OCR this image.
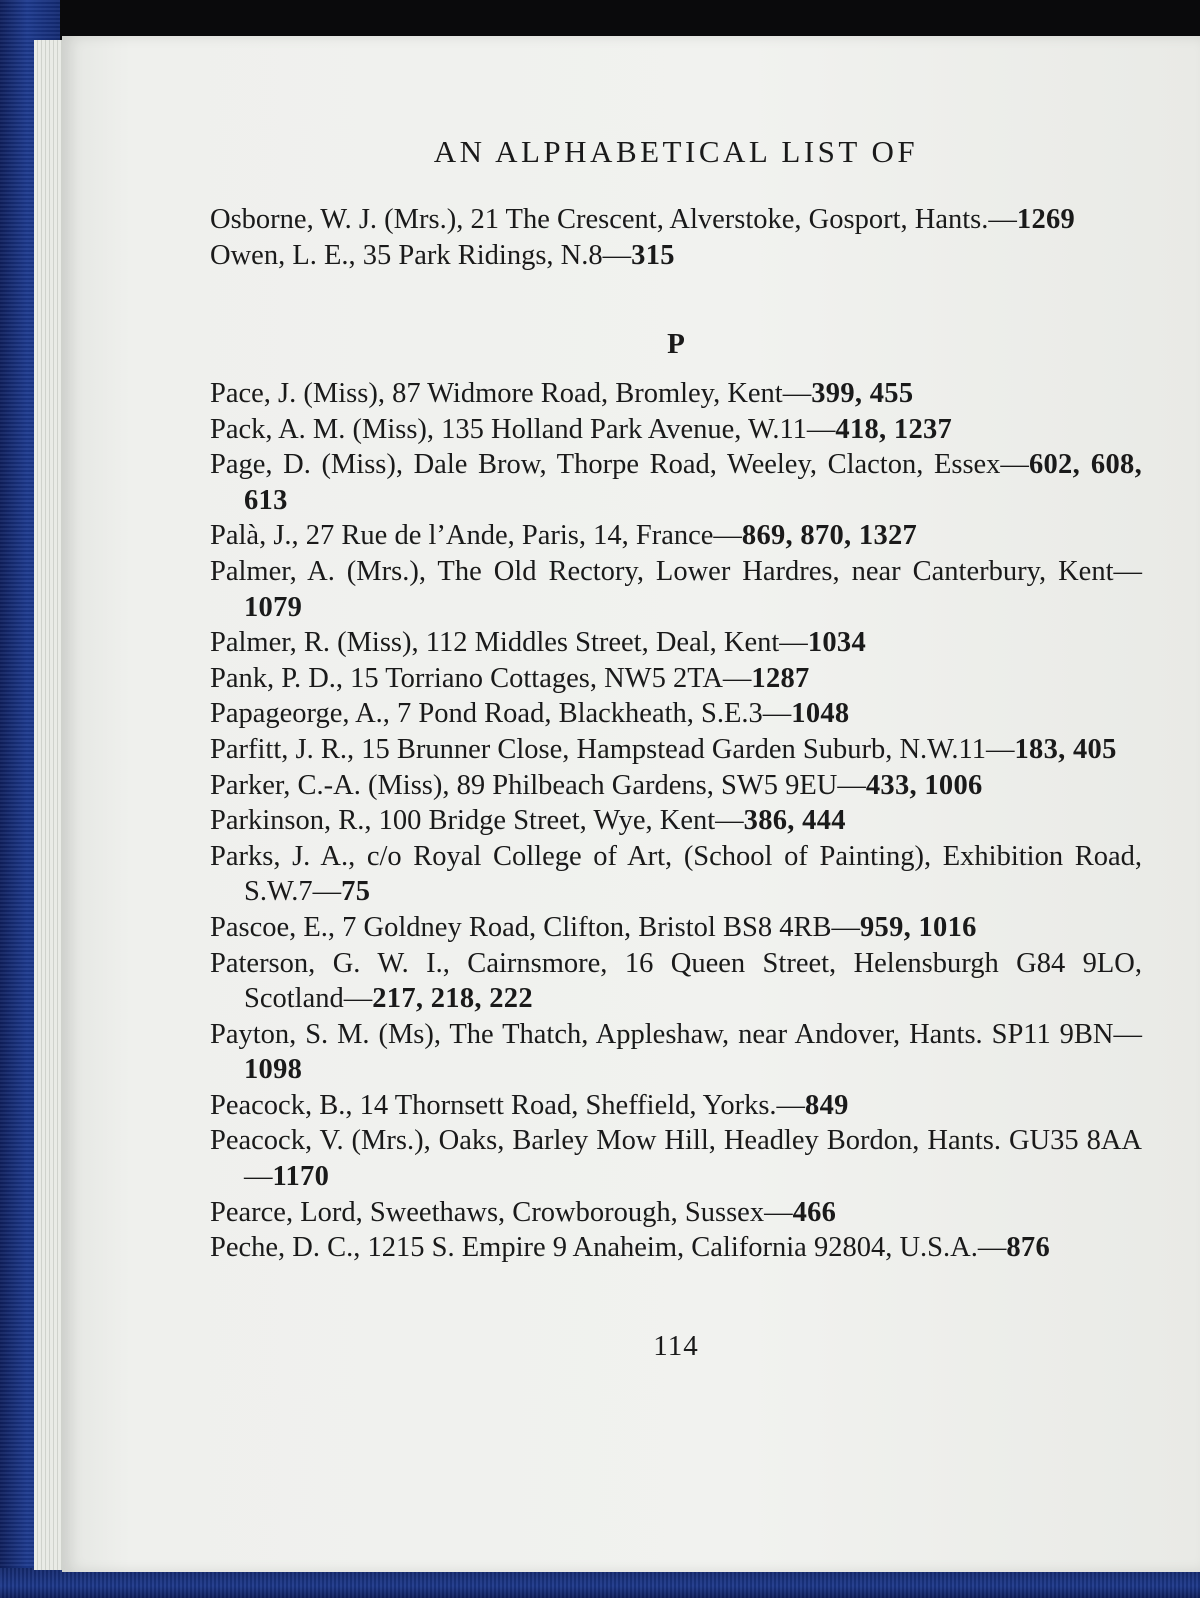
AN ALPHABETICAL LIST OF

Osborne, W. J. (Mrs.), 21 The Crescent, Alverstoke, Gosport, Hants.—1269

Owen, L. E., 35 Park Ridings, N.8—315

P

Pace, J. (Miss), 87 Widmore Road, Bromley, Kent—399, 455

Pack, A. M. (Miss), 135 Holland Park Avenue, W.11—418, 1237

Page, D. (Miss), Dale Brow, Thorpe Road, Weeley, Clacton, Essex—602, 608, 613

Palà, J., 27 Rue de l’Ande, Paris, 14, France—869, 870, 1327

Palmer, A. (Mrs.), The Old Rectory, Lower Hardres, near Canterbury, Kent—1079

Palmer, R. (Miss), 112 Middles Street, Deal, Kent—1034

Pank, P. D., 15 Torriano Cottages, NW5 2TA—1287

Papageorge, A., 7 Pond Road, Blackheath, S.E.3—1048

Parfitt, J. R., 15 Brunner Close, Hampstead Garden Suburb, N.W.11—183, 405

Parker, C.-A. (Miss), 89 Philbeach Gardens, SW5 9EU—433, 1006

Parkinson, R., 100 Bridge Street, Wye, Kent—386, 444

Parks, J. A., c/o Royal College of Art, (School of Painting), Exhibition Road, S.W.7—75

Pascoe, E., 7 Goldney Road, Clifton, Bristol BS8 4RB—959, 1016

Paterson, G. W. I., Cairnsmore, 16 Queen Street, Helensburgh G84 9LO, Scotland—217, 218, 222

Payton, S. M. (Ms), The Thatch, Appleshaw, near Andover, Hants. SP11 9BN—1098

Peacock, B., 14 Thornsett Road, Sheffield, Yorks.—849

Peacock, V. (Mrs.), Oaks, Barley Mow Hill, Headley Bordon, Hants. GU35 8AA—1170

Pearce, Lord, Sweethaws, Crowborough, Sussex—466

Peche, D. C., 1215 S. Empire 9 Anaheim, California 92804, U.S.A.—876

114
